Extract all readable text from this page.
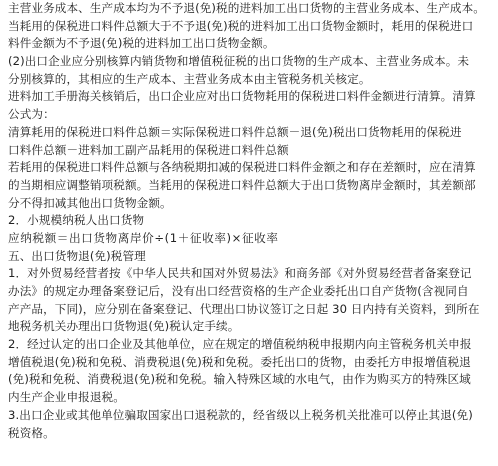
主营业务成本、生产成本均为不予退(免)税的进料加工出口货物的主营业务成本、生产成本。
当耗用的保税进口料件总额大于不予退(免)税的进料加工出口货物金额时，耗用的保税进口
料件金额为不予退(免)税的进料加工出口货物金额。
(2)出口企业应分别核算内销货物和增值税征税的出口货物的生产成本、主营业务成本。未
分别核算的，其相应的生产成本、主营业务成本由主管税务机关核定。
进料加工手册海关核销后，出口企业应对出口货物耗用的保税进口料件金额进行清算。清算
公式为：
清算耗用的保税进口料件总额＝实际保税进口料件总额－退(免)税出口货物耗用的保税进
口料件总额－进料加工副产品耗用的保税进口料件总额
若耗用的保税进口料件总额与各纳税期扣减的保税进口料件金额之和存在差额时，应在清算
的当期相应调整销项税额。当耗用的保税进口料件总额大于出口货物离岸金额时，其差额部
分不得扣减其他出口货物金额。
2．小规模纳税人出口货物
应纳税额＝出口货物离岸价÷(1＋征收率)×征收率
五、出口货物退(免)税管理
1．对外贸易经营者按《中华人民共和国对外贸易法》和商务部《对外贸易经营者备案登记
办法》的规定办理备案登记后，没有出口经营资格的生产企业委托出口自产货物(含视同自
产产品，下同)，应分别在备案登记、代理出口协议签订之日起 30 日内持有关资料，到所在
地税务机关办理出口货物退(免)税认定手续。
2．经过认定的出口企业及其他单位，应在规定的增值税纳税申报期内向主管税务机关申报
增值税退(免)税和免税、消费税退(免)税和免税。委托出口的货物，由委托方申报增值税退
(免)税和免税、消费税退(免)税和免税。输入特殊区域的水电气，由作为购买方的特殊区域
内生产企业申报退税。
3.出口企业或其他单位骗取国家出口退税款的，经省级以上税务机关批准可以停止其退(免)
税资格。
